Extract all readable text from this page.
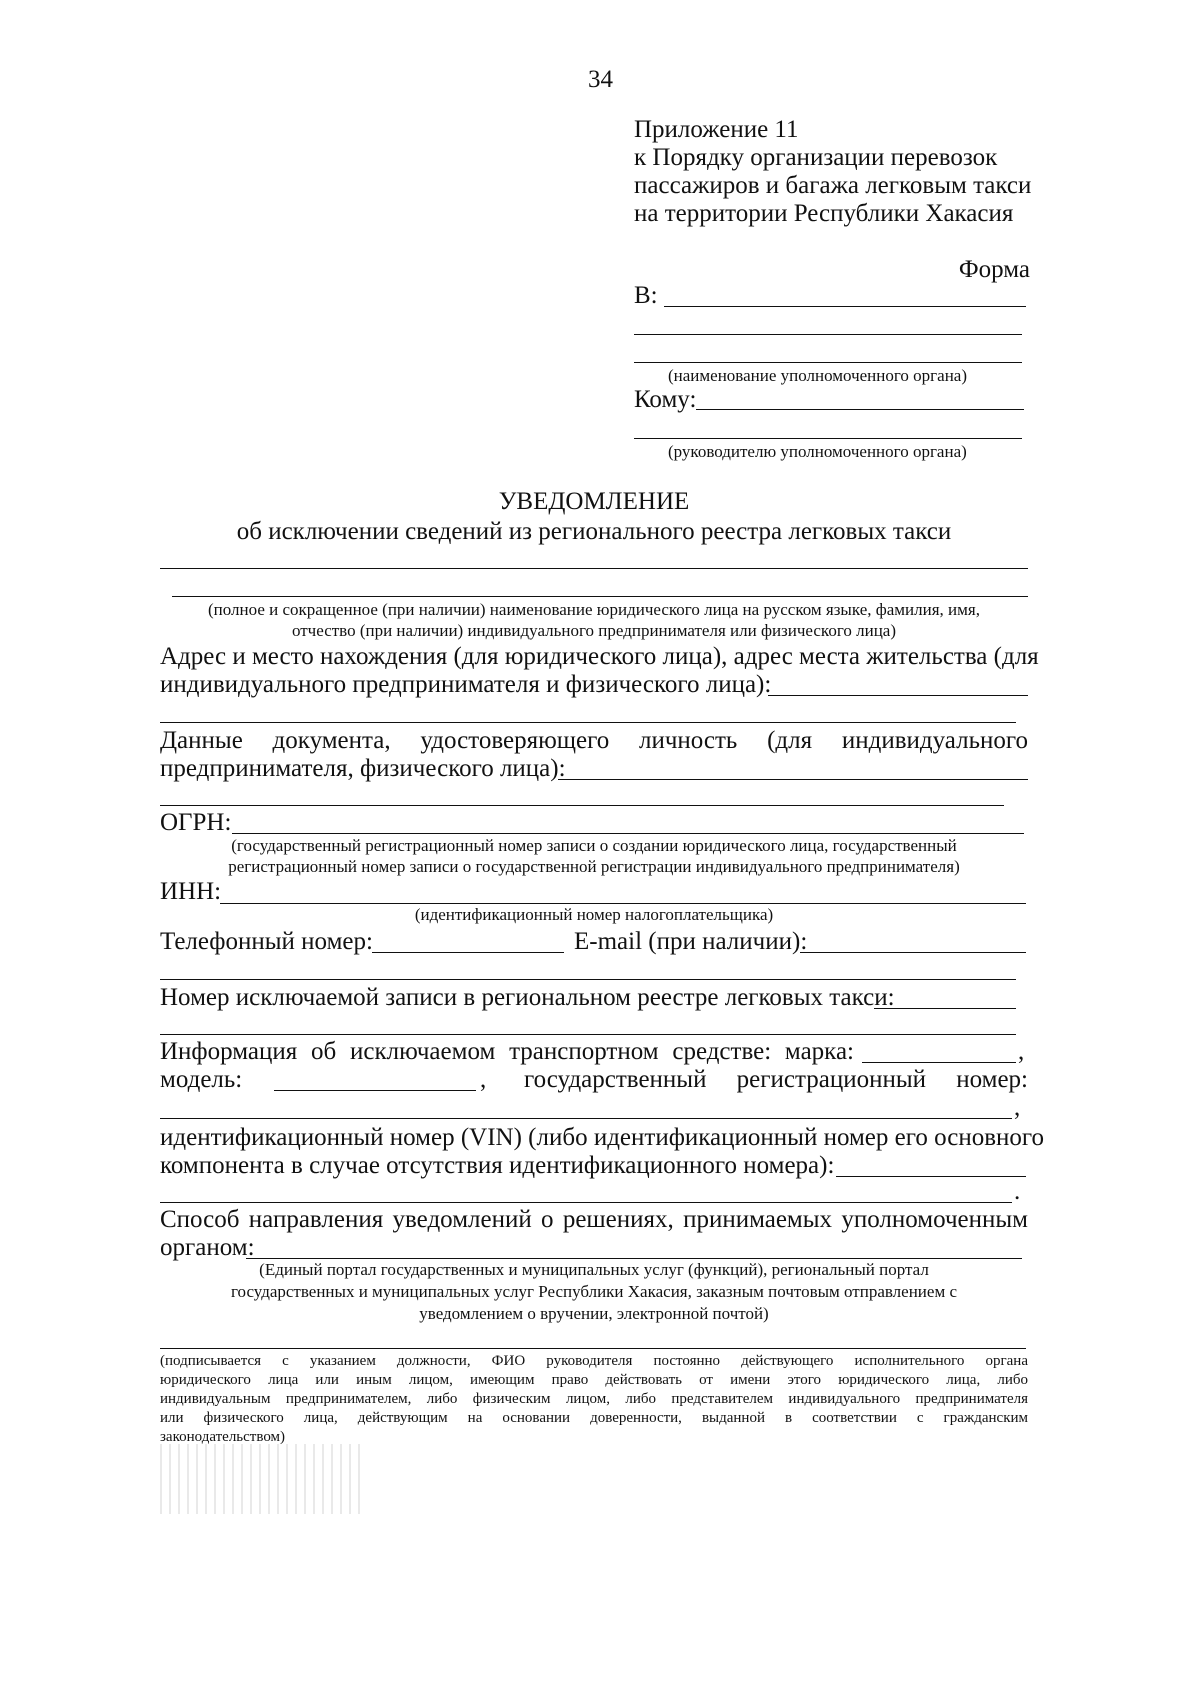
34
Приложение 11
к Порядку организации перевозок
пассажиров и багажа легковым такси
на территории Республики Хакасия
Форма
В:
(наименование уполномоченного органа)
Кому:
(руководителю уполномоченного органа)
УВЕДОМЛЕНИЕ
об исключении сведений из регионального реестра легковых такси
(полное и сокращенное (при наличии) наименование юридического лица на русском языке, фамилия, имя,
отчество (при наличии) индивидуального предпринимателя или физического лица)
Адрес и место нахождения (для юридического лица), адрес места жительства (для
индивидуального предпринимателя и физического лица):
Данные документа, удостоверяющего личность (для индивидуального
предпринимателя, физического лица):
ОГРН:
(государственный регистрационный номер записи о создании юридического лица, государственный
регистрационный номер записи о государственной регистрации индивидуального предпринимателя)
ИНН:
(идентификационный номер налогоплательщика)
Телефонный номер:	E-mail (при наличии):
Номер исключаемой записи в региональном реестре легковых такси:
Информация об исключаемом транспортном средстве: марка:	,
модель:	, государственный регистрационный номер:
,
идентификационный номер (VIN) (либо идентификационный номер его основного
компонента в случае отсутствия идентификационного номера):
.
Способ направления уведомлений о решениях, принимаемых уполномоченным
органом:
(Единый портал государственных и муниципальных услуг (функций), региональный портал
государственных и муниципальных услуг Республики Хакасия, заказным почтовым отправлением с
уведомлением о вручении, электронной почтой)
(подписывается с указанием должности, ФИО руководителя постоянно действующего исполнительного органа
юридического лица или иным лицом, имеющим право действовать от имени этого юридического лица, либо
индивидуальным предпринимателем, либо физическим лицом, либо представителем индивидуального предпринимателя
или физического лица, действующим на основании доверенности, выданной в соответствии с гражданским
законодательством)
